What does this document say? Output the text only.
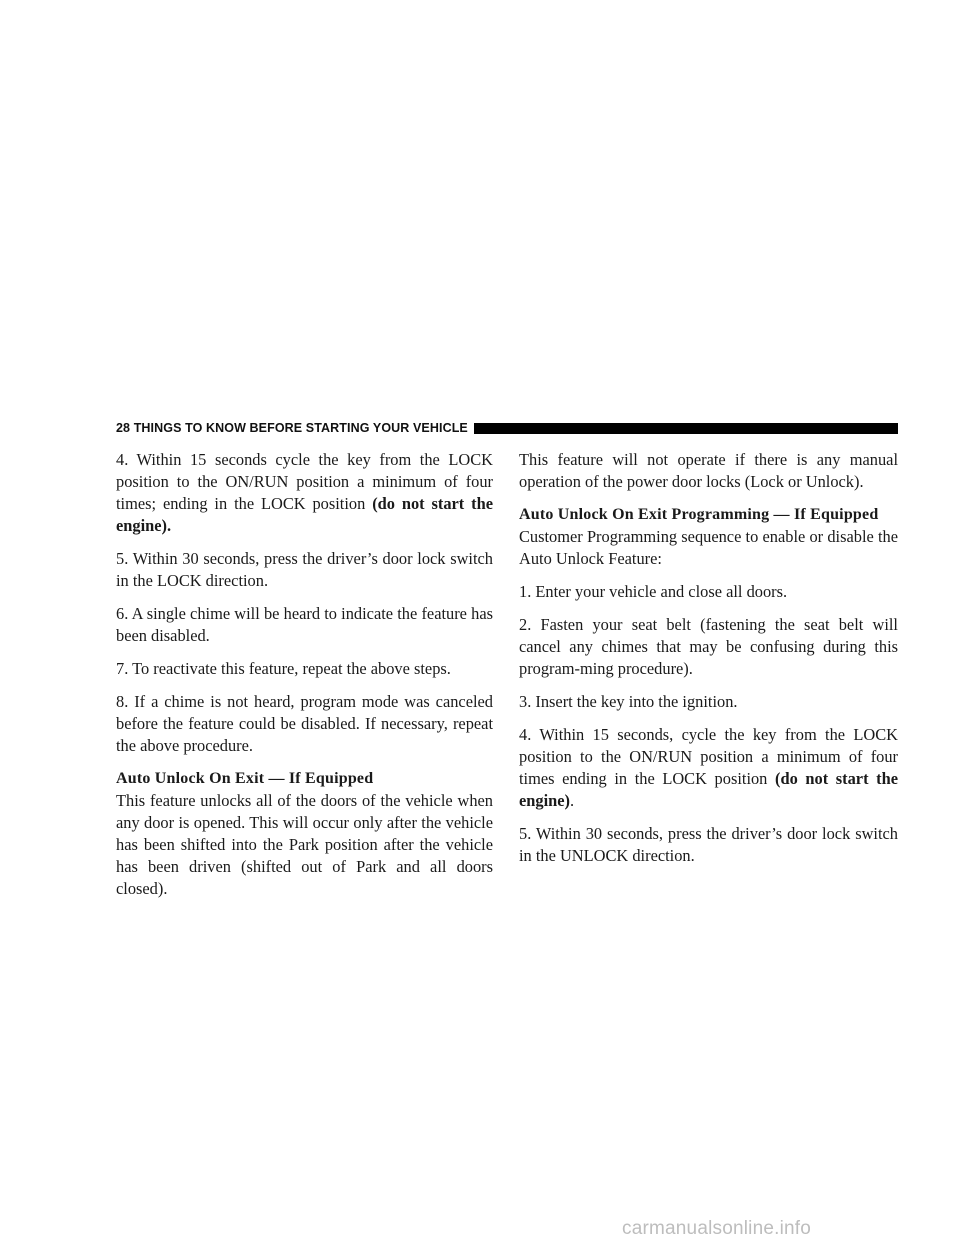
28 THINGS TO KNOW BEFORE STARTING YOUR VEHICLE

4. Within 15 seconds cycle the key from the LOCK position to the ON/RUN position a minimum of four times; ending in the LOCK position (do not start the engine).

5. Within 30 seconds, press the driver’s door lock switch in the LOCK direction.

6. A single chime will be heard to indicate the feature has been disabled.

7. To reactivate this feature, repeat the above steps.

8. If a chime is not heard, program mode was canceled before the feature could be disabled. If necessary, repeat the above procedure.

Auto Unlock On Exit — If Equipped

This feature unlocks all of the doors of the vehicle when any door is opened. This will occur only after the vehicle has been shifted into the Park position after the vehicle has been driven (shifted out of Park and all doors closed).

This feature will not operate if there is any manual operation of the power door locks (Lock or Unlock).

Auto Unlock On Exit Programming — If Equipped

Customer Programming sequence to enable or disable the Auto Unlock Feature:

1. Enter your vehicle and close all doors.

2. Fasten your seat belt (fastening the seat belt will cancel any chimes that may be confusing during this program-ming procedure).

3. Insert the key into the ignition.

4. Within 15 seconds, cycle the key from the LOCK position to the ON/RUN position a minimum of four times ending in the LOCK position (do not start the engine).

5. Within 30 seconds, press the driver’s door lock switch in the UNLOCK direction.

carmanualsonline.info
